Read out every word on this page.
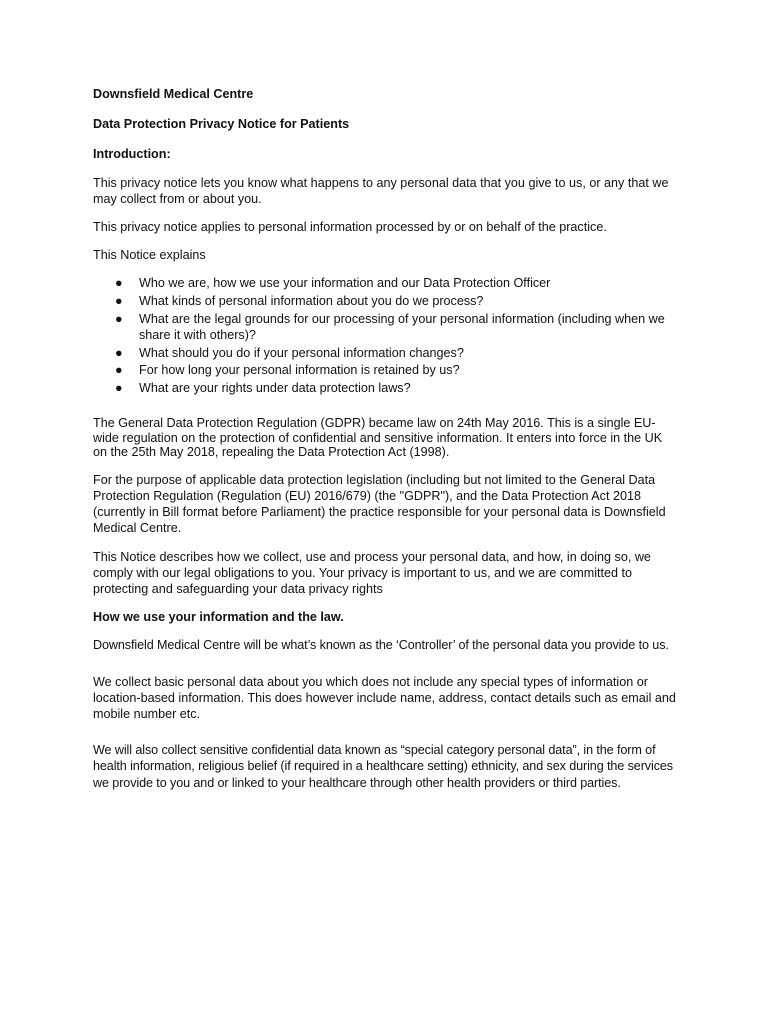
Downsfield Medical Centre
Data Protection Privacy Notice for Patients
Introduction:
This privacy notice lets you know what happens to any personal data that you give to us, or any that we may collect from or about you.
This privacy notice applies to personal information processed by or on behalf of the practice.
This Notice explains
● Who we are, how we use your information and our Data Protection Officer
● What kinds of personal information about you do we process?
● What are the legal grounds for our processing of your personal information (including when we share it with others)?
● What should you do if your personal information changes?
● For how long your personal information is retained by us?
● What are your rights under data protection laws?
The General Data Protection Regulation (GDPR) became law on 24th May 2016. This is a single EU-wide regulation on the protection of confidential and sensitive information. It enters into force in the UK on the 25th May 2018, repealing the Data Protection Act (1998).
For the purpose of applicable data protection legislation (including but not limited to the General Data Protection Regulation (Regulation (EU) 2016/679) (the "GDPR"), and the Data Protection Act 2018 (currently in Bill format before Parliament) the practice responsible for your personal data is Downsfield Medical Centre.
This Notice describes how we collect, use and process your personal data, and how, in doing so, we comply with our legal obligations to you. Your privacy is important to us, and we are committed to protecting and safeguarding your data privacy rights
How we use your information and the law.
Downsfield Medical Centre will be what’s known as the ‘Controller’ of the personal data you provide to us.
We collect basic personal data about you which does not include any special types of information or location-based information. This does however include name, address, contact details such as email and mobile number etc.
We will also collect sensitive confidential data known as “special category personal data”, in the form of health information, religious belief (if required in a healthcare setting) ethnicity, and sex during the services we provide to you and or linked to your healthcare through other health providers or third parties.
